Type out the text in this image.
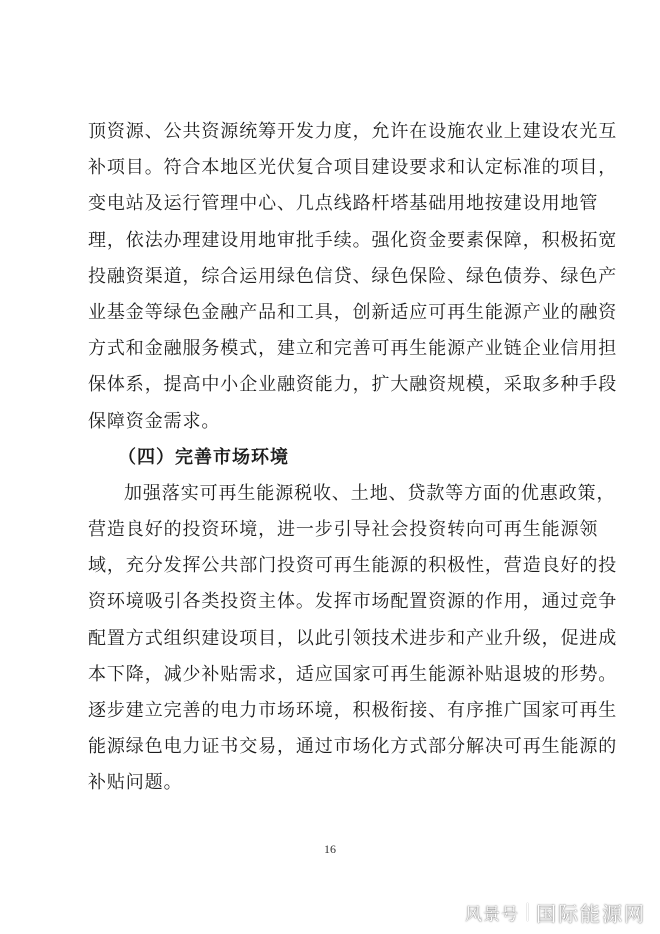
顶资源、公共资源统筹开发力度，允许在设施农业上建设农光互
补项目。符合本地区光伏复合项目建设要求和认定标准的项目，
变电站及运行管理中心、几点线路杆塔基础用地按建设用地管
理，依法办理建设用地审批手续。强化资金要素保障，积极拓宽
投融资渠道，综合运用绿色信贷、绿色保险、绿色债券、绿色产
业基金等绿色金融产品和工具，创新适应可再生能源产业的融资
方式和金融服务模式，建立和完善可再生能源产业链企业信用担
保体系，提高中小企业融资能力，扩大融资规模，采取多种手段
保障资金需求。
（四）完善市场环境
加强落实可再生能源税收、土地、贷款等方面的优惠政策，
营造良好的投资环境，进一步引导社会投资转向可再生能源领
域，充分发挥公共部门投资可再生能源的积极性，营造良好的投
资环境吸引各类投资主体。发挥市场配置资源的作用，通过竞争
配置方式组织建设项目，以此引领技术进步和产业升级，促进成
本下降，减少补贴需求，适应国家可再生能源补贴退坡的形势。
逐步建立完善的电力市场环境，积极衔接、有序推广国家可再生
能源绿色电力证书交易，通过市场化方式部分解决可再生能源的
补贴问题。
16
风景号 国际能源网
